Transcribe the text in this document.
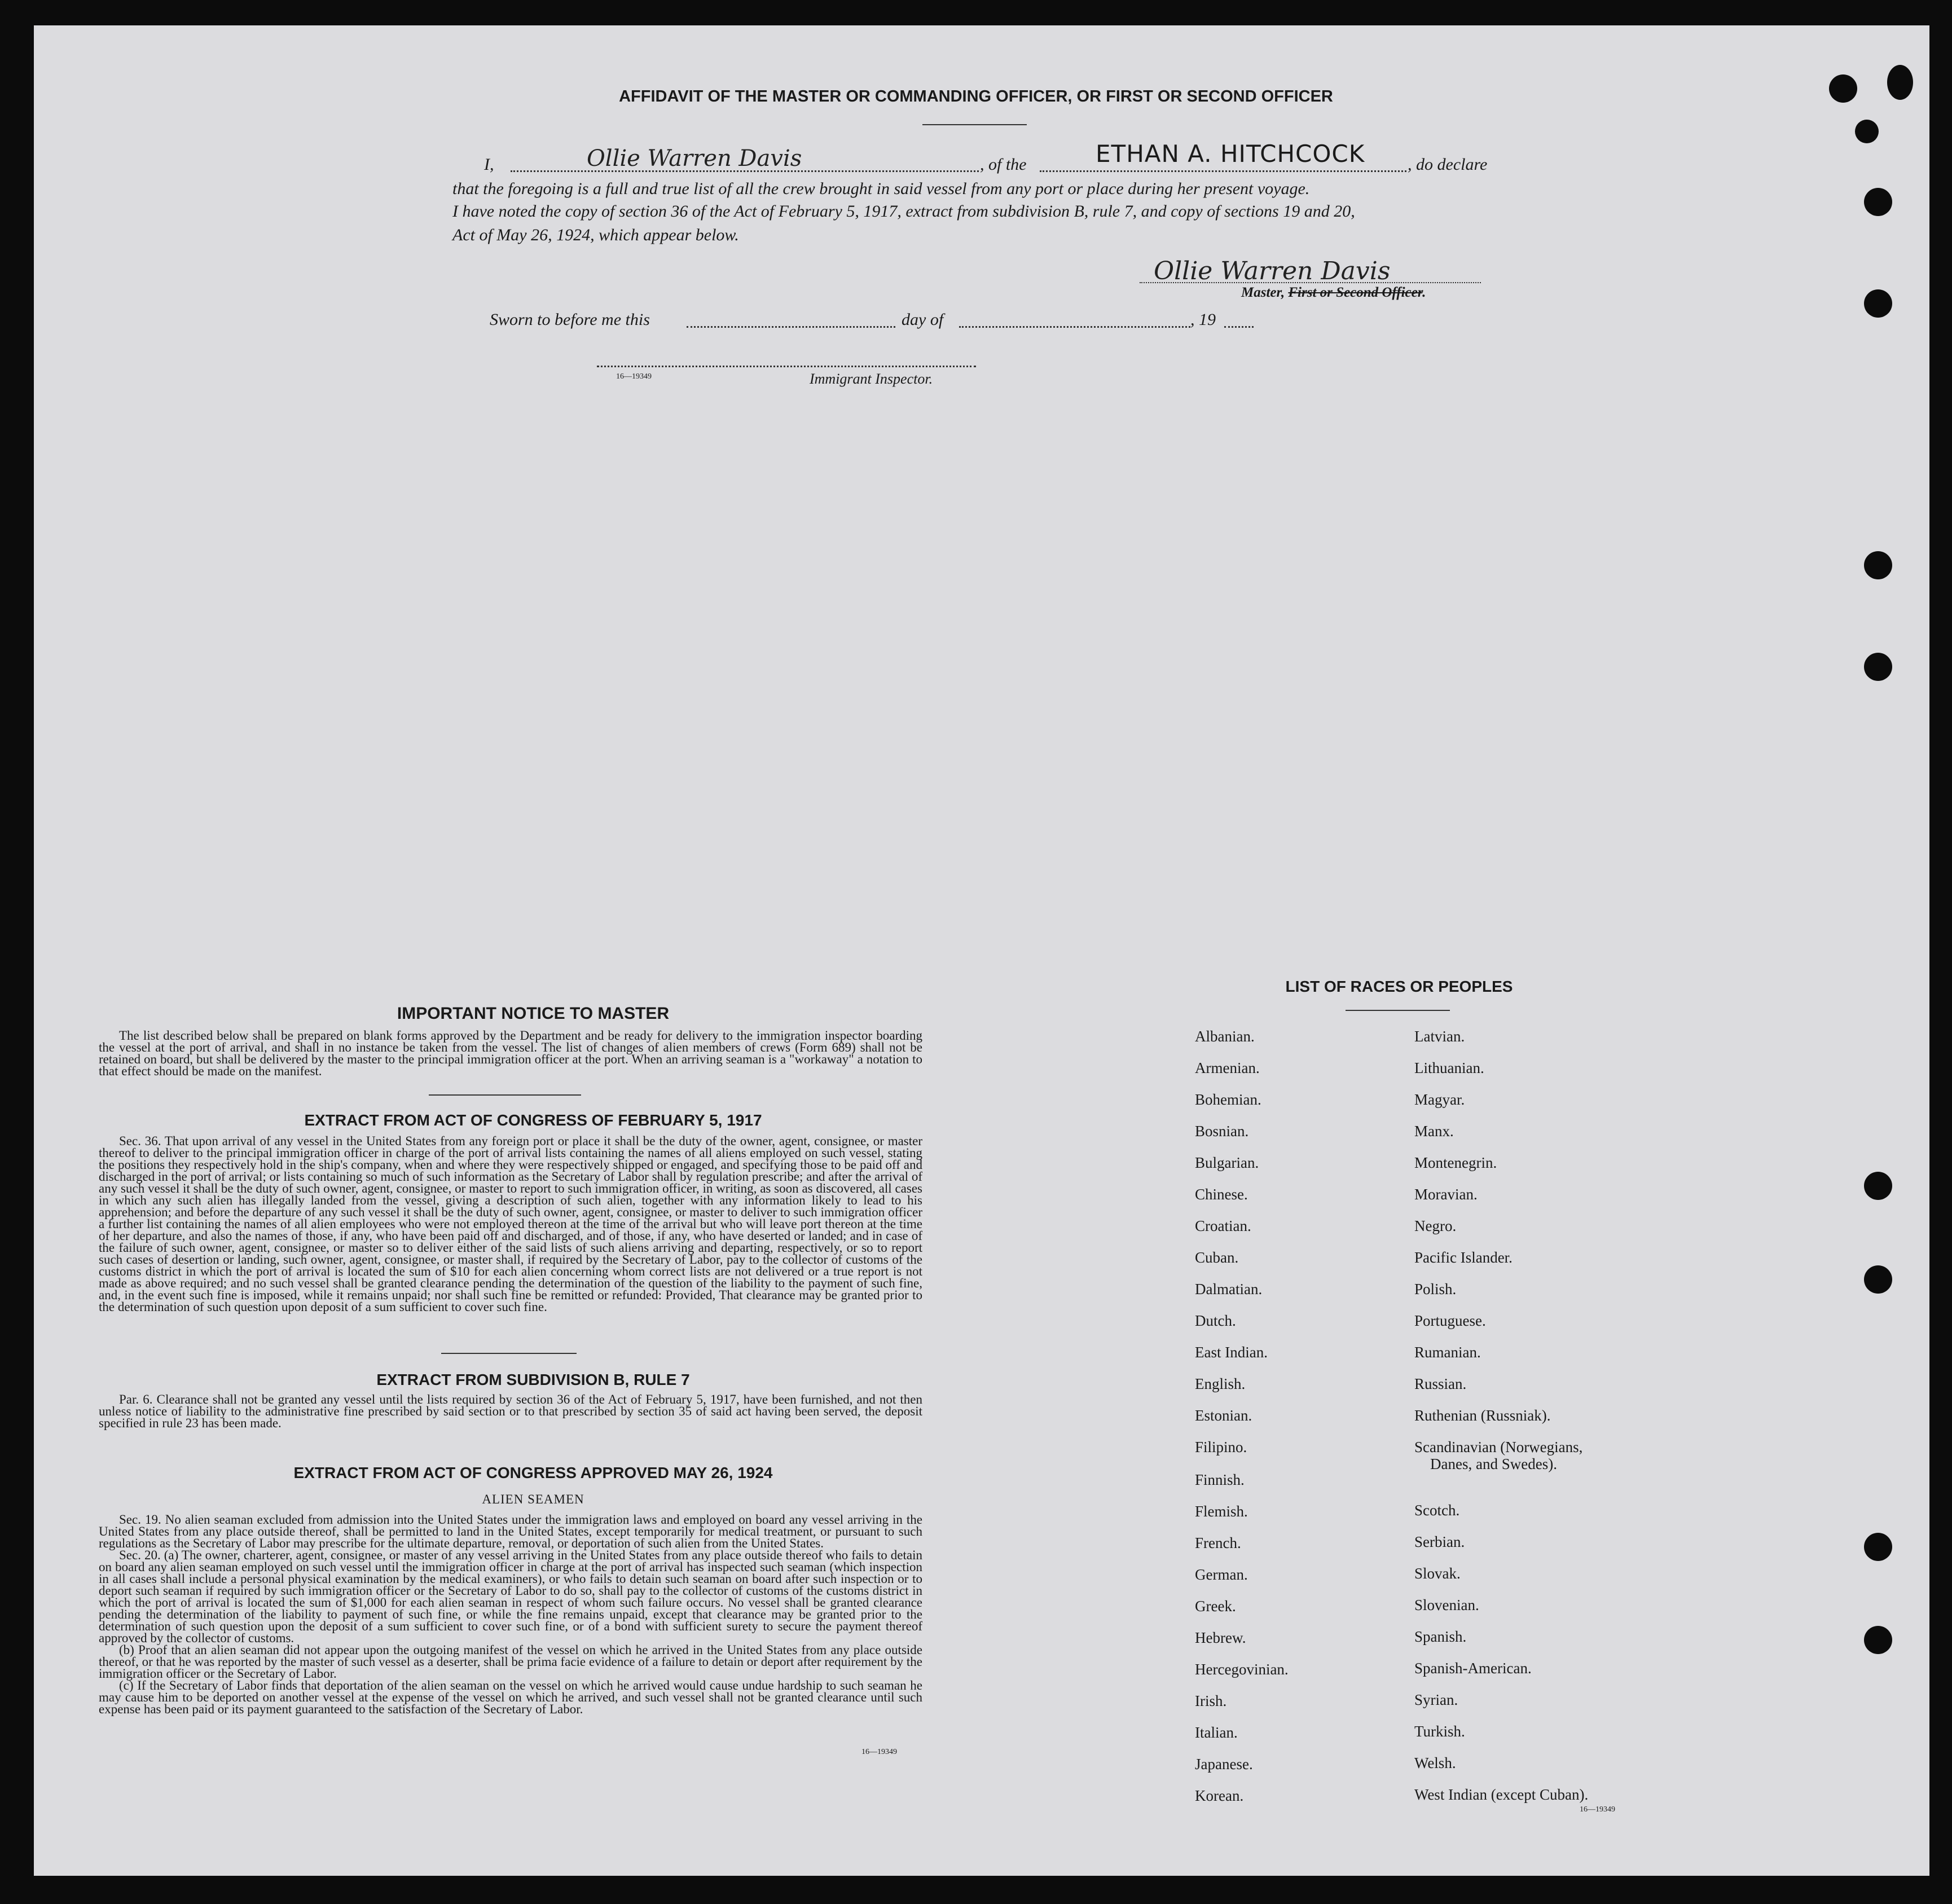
AFFIDAVIT OF THE MASTER OR COMMANDING OFFICER, OR FIRST OR SECOND OFFICER
I,	Ollie Warren Davis	, of the	ETHAN A. HITCHCOCK	, do declare
that the foregoing is a full and true list of all the crew brought in said vessel from any port or place during her present voyage.
I have noted the copy of section 36 of the Act of February 5, 1917, extract from subdivision B, rule 7, and copy of sections 19 and 20,
Act of May 26, 1924, which appear below.
Ollie Warren Davis
Master, First or Second Officer.
Sworn to before me this	day of	, 19
16—19349	Immigrant Inspector.
IMPORTANT NOTICE TO MASTER

The list described below shall be prepared on blank forms approved by the Department and be ready for delivery to the immigration inspector boarding the vessel at the port of arrival, and shall in no instance be taken from the vessel. The list of changes of alien members of crews (Form 689) shall not be retained on board, but shall be delivered by the master to the principal immigration officer at the port. When an arriving seaman is a "workaway" a notation to that effect should be made on the manifest.

EXTRACT FROM ACT OF CONGRESS OF FEBRUARY 5, 1917

Sec. 36. That upon arrival of any vessel in the United States from any foreign port or place it shall be the duty of the owner, agent, consignee, or master thereof to deliver to the principal immigration officer in charge of the port of arrival lists containing the names of all aliens employed on such vessel, stating the positions they respectively hold in the ship's company, when and where they were respectively shipped or engaged, and specifying those to be paid off and discharged in the port of arrival; or lists containing so much of such information as the Secretary of Labor shall by regulation prescribe; and after the arrival of any such vessel it shall be the duty of such owner, agent, consignee, or master to report to such immigration officer, in writing, as soon as discovered, all cases in which any such alien has illegally landed from the vessel, giving a description of such alien, together with any information likely to lead to his apprehension; and before the departure of any such vessel it shall be the duty of such owner, agent, consignee, or master to deliver to such immigration officer a further list containing the names of all alien employees who were not employed thereon at the time of the arrival but who will leave port thereon at the time of her departure, and also the names of those, if any, who have been paid off and discharged, and of those, if any, who have deserted or landed; and in case of the failure of such owner, agent, consignee, or master so to deliver either of the said lists of such aliens arriving and departing, respectively, or so to report such cases of desertion or landing, such owner, agent, consignee, or master shall, if required by the Secretary of Labor, pay to the collector of customs of the customs district in which the port of arrival is located the sum of $10 for each alien concerning whom correct lists are not delivered or a true report is not made as above required; and no such vessel shall be granted clearance pending the determination of the question of the liability to the payment of such fine, and, in the event such fine is imposed, while it remains unpaid; nor shall such fine be remitted or refunded: Provided, That clearance may be granted prior to the determination of such question upon deposit of a sum sufficient to cover such fine.

EXTRACT FROM SUBDIVISION B, RULE 7

Par. 6. Clearance shall not be granted any vessel until the lists required by section 36 of the Act of February 5, 1917, have been furnished, and not then unless notice of liability to the administrative fine prescribed by said section or to that prescribed by section 35 of said act having been served, the deposit specified in rule 23 has been made.

EXTRACT FROM ACT OF CONGRESS APPROVED MAY 26, 1924
ALIEN SEAMEN

Sec. 19. No alien seaman excluded from admission into the United States under the immigration laws and employed on board any vessel arriving in the United States from any place outside thereof, shall be permitted to land in the United States, except temporarily for medical treatment, or pursuant to such regulations as the Secretary of Labor may prescribe for the ultimate departure, removal, or deportation of such alien from the United States.

Sec. 20. (a) The owner, charterer, agent, consignee, or master of any vessel arriving in the United States from any place outside thereof who fails to detain on board any alien seaman employed on such vessel until the immigration officer in charge at the port of arrival has inspected such seaman (which inspection in all cases shall include a personal physical examination by the medical examiners), or who fails to detain such seaman on board after such inspection or to deport such seaman if required by such immigration officer or the Secretary of Labor to do so, shall pay to the collector of customs of the customs district in which the port of arrival is located the sum of $1,000 for each alien seaman in respect of whom such failure occurs. No vessel shall be granted clearance pending the determination of the liability to payment of such fine, or while the fine remains unpaid, except that clearance may be granted prior to the determination of such question upon the deposit of a sum sufficient to cover such fine, or of a bond with sufficient surety to secure the payment thereof approved by the collector of customs.

(b) Proof that an alien seaman did not appear upon the outgoing manifest of the vessel on which he arrived in the United States from any place outside thereof, or that he was reported by the master of such vessel as a deserter, shall be prima facie evidence of a failure to detain or deport after requirement by the immigration officer or the Secretary of Labor.

(c) If the Secretary of Labor finds that deportation of the alien seaman on the vessel on which he arrived would cause undue hardship to such seaman he may cause him to be deported on another vessel at the expense of the vessel on which he arrived, and such vessel shall not be granted clearance until such expense has been paid or its payment guaranteed to the satisfaction of the Secretary of Labor.

16—19349
LIST OF RACES OR PEOPLES
Albanian.
Armenian.
Bohemian.
Bosnian.
Bulgarian.
Chinese.
Croatian.
Cuban.
Dalmatian.
Dutch.
East Indian.
English.
Estonian.
Filipino.
Finnish.
Flemish.
French.
German.
Greek.
Hebrew.
Hercegovinian.
Irish.
Italian.
Japanese.
Korean.
Latvian.
Lithuanian.
Magyar.
Manx.
Montenegrin.
Moravian.
Negro.
Pacific Islander.
Polish.
Portuguese.
Rumanian.
Russian.
Ruthenian (Russniak).
Scandinavian (Norwegians,
Danes, and Swedes).
Scotch.
Serbian.
Slovak.
Slovenian.
Spanish.
Spanish-American.
Syrian.
Turkish.
Welsh.
West Indian (except Cuban).
16—19349
